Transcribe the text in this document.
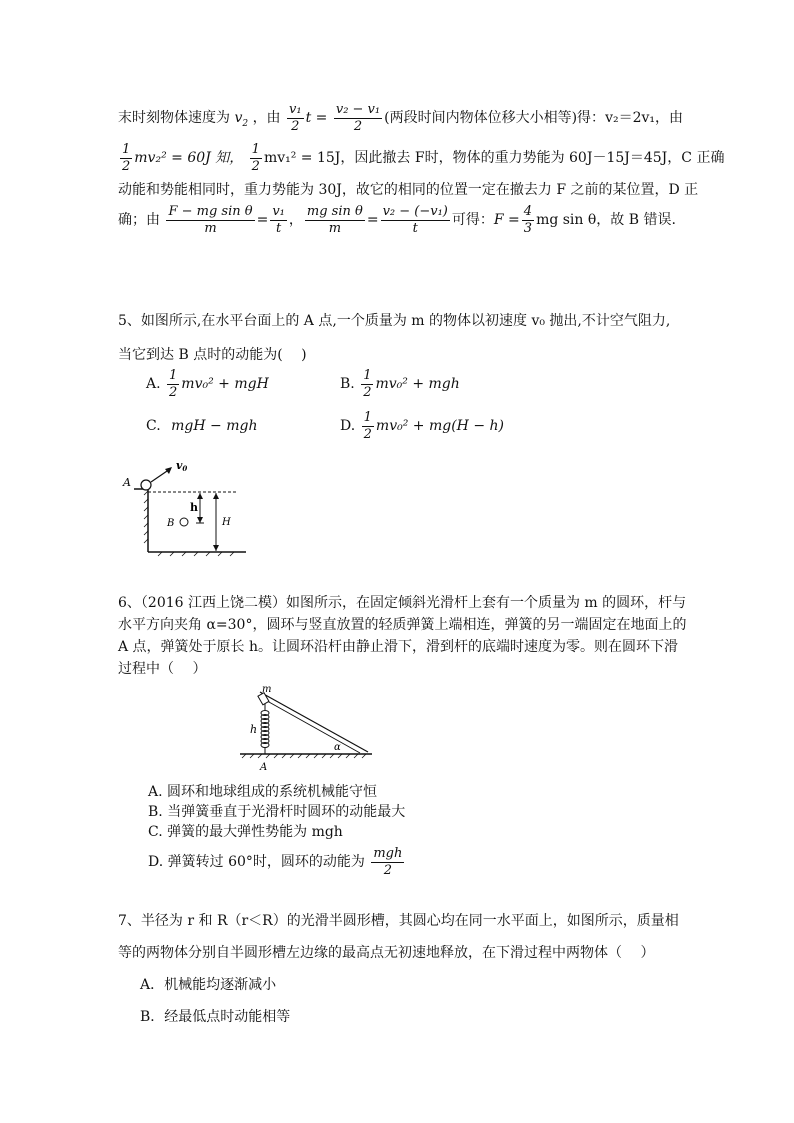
末时刻物体速度为 $v_2$ ，由 $\frac{\text{v₁}}{2}$ $t = \frac{\text{v₂ − v₁}}{2}$ (两段时间内物体位移大小相等)得：v₂＝2v₁，由
$\frac{1}{2} mv_2^2 = 60J$ 知， $\frac{1}{2} mv_1^2 = 15J$，因此撤去 F时，物体的重力势能为 60J－15J＝45J，C 正确
动能和势能相同时，重力势能为 30J，故它的相同的位置一定在撤去力 F 之前的某位置，D 正
确；由 $\frac{\text{F − mg sin θ}}{m} = \frac{\text{v₁}}{t}$ ， $\frac{\text{mg sin θ}}{m} = \frac{\text{v₂ − (−v₁)}}{t}$ 可得：$F = \frac{4}{3}$ mg sin θ，故 B 错误.
5、如图所示,在水平台面上的 A 点,一个质量为 m 的物体以初速度 v₀ 抛出,不计空气阻力,
当它到达 B 点时的动能为(　 )
A. $\frac{1}{2} mv_0^2$ + mgH	B. $\frac{1}{2} mv_0^2$ + mgh
C. mgH − mgh	D. $\frac{1}{2} mv_0^2 + mg(H - h)$
v0
A
B
h
H
6、（2016 江西上饶二模）如图所示，在固定倾斜光滑杆上套有一个质量为 m 的圆环，杆与
水平方向夹角 α=30°，圆环与竖直放置的轻质弹簧上端相连，弹簧的另一端固定在地面上的
A 点，弹簧处于原长 h。让圆环沿杆由静止滑下，滑到杆的底端时速度为零。则在圆环下滑
过程中（　 ）
m
h
A
α
A. 圆环和地球组成的系统机械能守恒
B. 当弹簧垂直于光滑杆时圆环的动能最大
C. 弹簧的最大弹性势能为 mgh
D. 弹簧转过 60°时，圆环的动能为 $\frac{\text{mgh}}{2}$
7、半径为 r 和 R（r＜R）的光滑半圆形槽，其圆心均在同一水平面上，如图所示，质量相
等的两物体分别自半圆形槽左边缘的最高点无初速地释放，在下滑过程中两物体（　 ）
A．机械能均逐渐减小
B．经最低点时动能相等
